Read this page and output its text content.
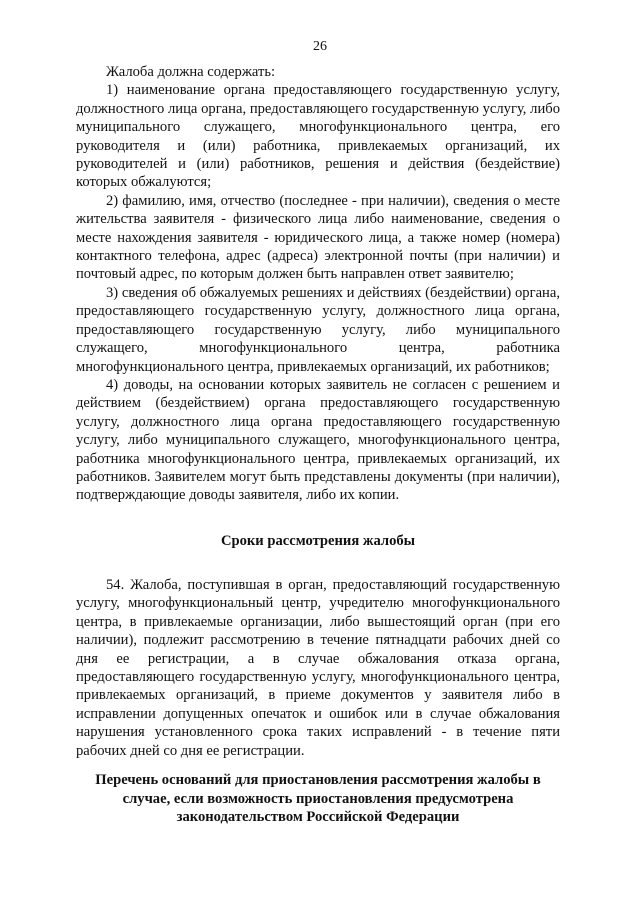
26

Жалоба должна содержать:

1) наименование органа предоставляющего государственную услугу, должностного лица органа, предоставляющего государственную услугу, либо муниципального служащего, многофункционального центра, его руководителя и (или) работника, привлекаемых организаций, их руководителей и (или) работников, решения и действия (бездействие) которых обжалуются;

2) фамилию, имя, отчество (последнее - при наличии), сведения о месте жительства заявителя - физического лица либо наименование, сведения о месте нахождения заявителя - юридического лица, а также номер (номера) контактного телефона, адрес (адреса) электронной почты (при наличии) и почтовый адрес, по которым должен быть направлен ответ заявителю;

3) сведения об обжалуемых решениях и действиях (бездействии) органа, предоставляющего государственную услугу, должностного лица органа, предоставляющего государственную услугу, либо муниципального служащего, многофункционального центра, работника многофункционального центра, привлекаемых организаций, их работников;

4) доводы, на основании которых заявитель не согласен с решением и действием (бездействием) органа предоставляющего государственную услугу, должностного лица органа предоставляющего государственную услугу, либо муниципального служащего, многофункционального центра, работника многофункционального центра, привлекаемых организаций, их работников. Заявителем могут быть представлены документы (при наличии), подтверждающие доводы заявителя, либо их копии.

Сроки рассмотрения жалобы

54. Жалоба, поступившая в орган, предоставляющий государственную услугу, многофункциональный центр, учредителю многофункционального центра, в привлекаемые организации, либо вышестоящий орган (при его наличии), подлежит рассмотрению в течение пятнадцати рабочих дней со дня ее регистрации, а в случае обжалования отказа органа, предоставляющего государственную услугу, многофункционального центра, привлекаемых организаций, в приеме документов у заявителя либо в исправлении допущенных опечаток и ошибок или в случае обжалования нарушения установленного срока таких исправлений - в течение пяти рабочих дней со дня ее регистрации.

Перечень оснований для приостановления рассмотрения жалобы в случае, если возможность приостановления предусмотрена законодательством Российской Федерации
